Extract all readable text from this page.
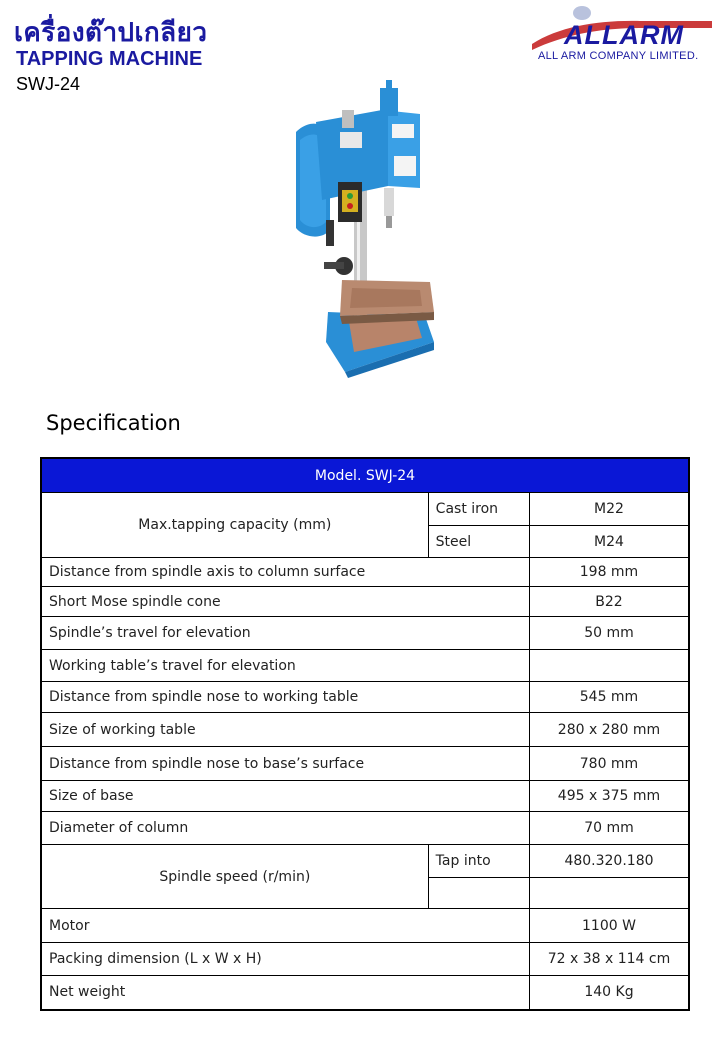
เครื่องต๊าปเกลียว
TAPPING MACHINE
SWJ-24
ALLARM
ALL ARM COMPANY LIMITED.
Specification
Model. SWJ-24		
Max.tapping capacity (mm)	Cast iron	M22
	Steel	M24
Distance from spindle axis to column surface		198 mm
Short Mose spindle cone		B22
Spindle’s travel for elevation		50 mm
Working table’s travel for elevation		
Distance from spindle nose to working table		545 mm
Size of working table		280 x 280 mm
Distance from spindle nose to base’s surface		780 mm
Size of base		495 x 375 mm
Diameter of column		70 mm
Spindle speed (r/min)	Tap into	480.320.180

Motor		1100 W
Packing dimension (L x W x H)		72 x 38 x 114 cm
Net weight		140 Kg
